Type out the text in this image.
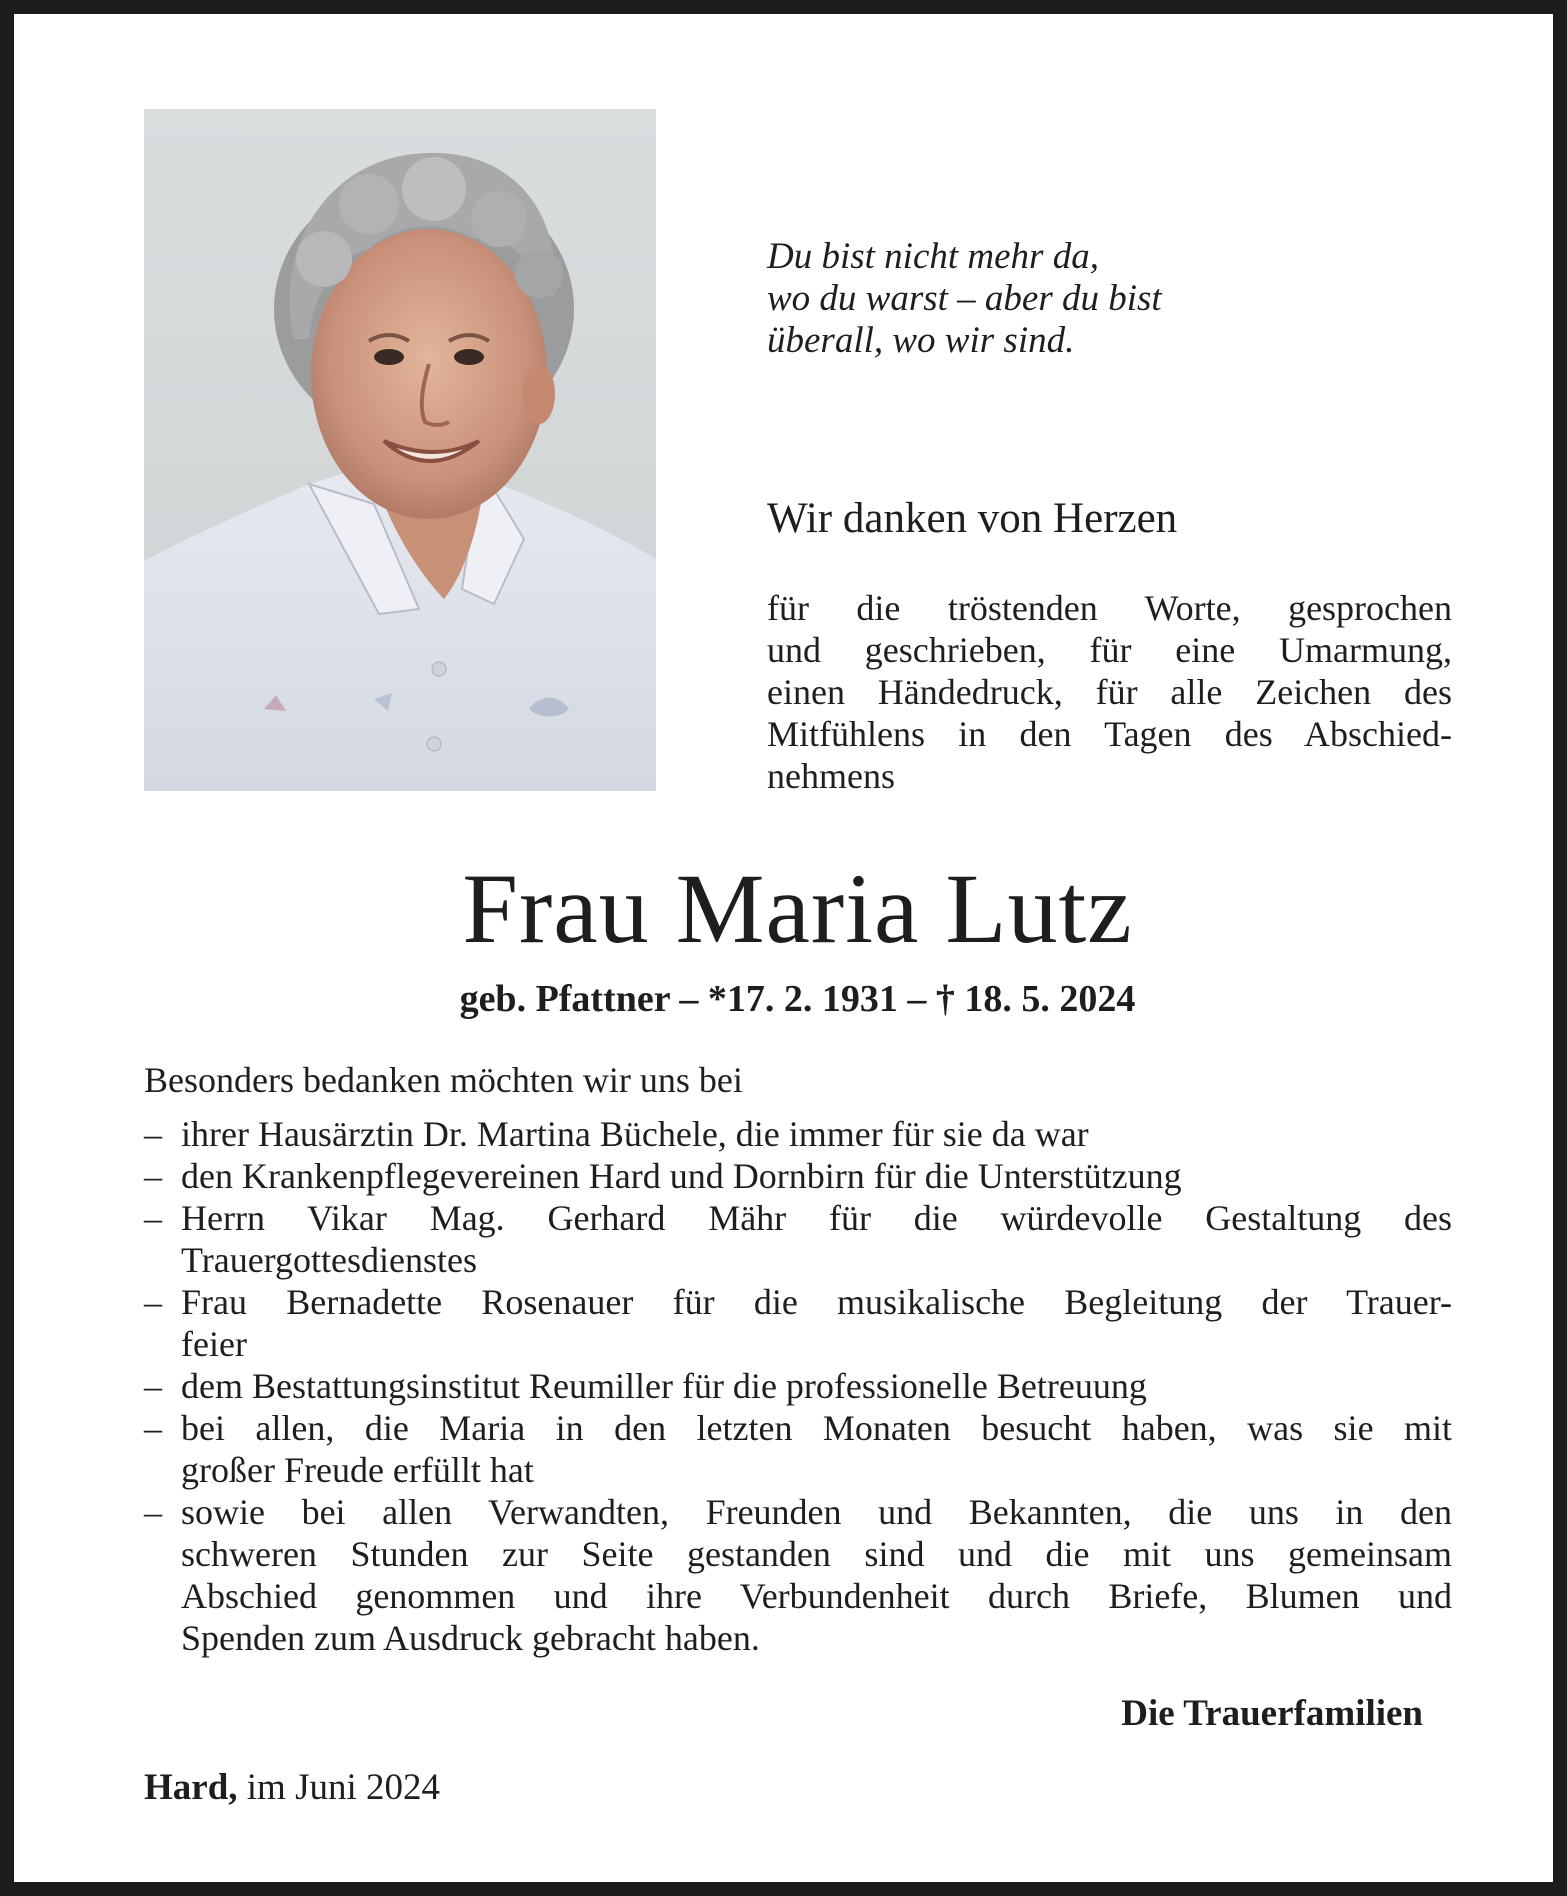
Du bist nicht mehr da,
wo du warst – aber du bist
überall, wo wir sind.
Wir danken von Herzen
für die tröstenden Worte, gesprochen
und geschrieben, für eine Umarmung,
einen Händedruck, für alle Zeichen des
Mitfühlens in den Tagen des Abschied-
nehmens
Frau Maria Lutz
geb. Pfattner – *17. 2. 1931 – † 18. 5. 2024
Besonders bedanken möchten wir uns bei
– ihrer Hausärztin Dr. Martina Büchele, die immer für sie da war
– den Krankenpflegevereinen Hard und Dornbirn für die Unterstützung
– Herrn Vikar Mag. Gerhard Mähr für die würdevolle Gestaltung des
Trauergottesdienstes
– Frau Bernadette Rosenauer für die musikalische Begleitung der Trauer-
feier
– dem Bestattungsinstitut Reumiller für die professionelle Betreuung
– bei allen, die Maria in den letzten Monaten besucht haben, was sie mit
großer Freude erfüllt hat
– sowie bei allen Verwandten, Freunden und Bekannten, die uns in den
schweren Stunden zur Seite gestanden sind und die mit uns gemeinsam
Abschied genommen und ihre Verbundenheit durch Briefe, Blumen und
Spenden zum Ausdruck gebracht haben.
Die Trauerfamilien
Hard, im Juni 2024
